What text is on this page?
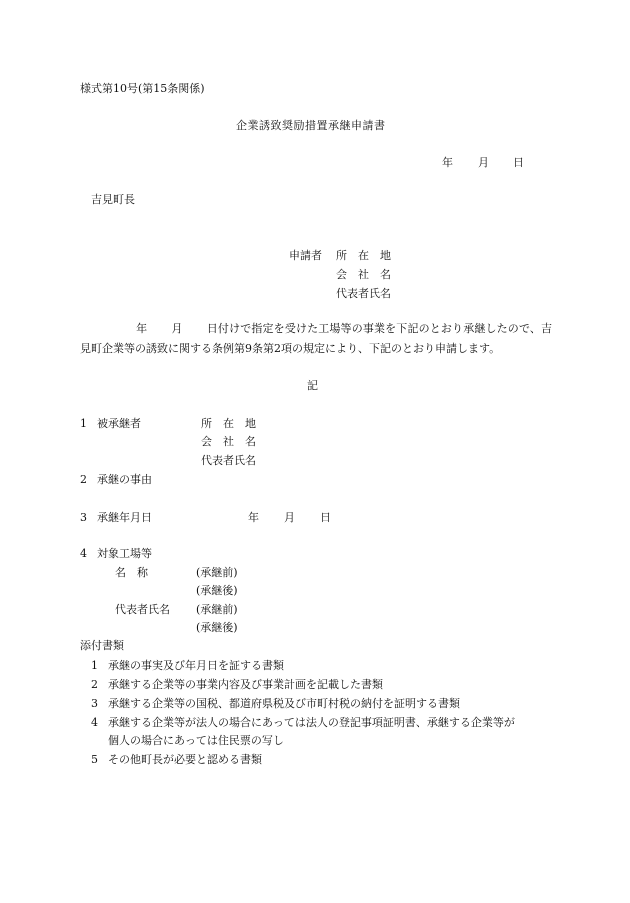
様式第10号(第15条関係)
企業誘致奨励措置承継申請書
年 月 日
吉見町長
申請者 所　在　地
会　社　名
代表者氏名
年 月 日付けで指定を受けた工場等の事業を下記のとおり承継したので、吉見町企業等の誘致に関する条例第9条第2項の規定により、下記のとおり申請します。
記
1 被承継者	所　在　地
会　社　名
代表者氏名
2 承継の事由
3 承継年月日	年 月 日
4 対象工場等
名　称	(承継前)
(承継後)
代表者氏名 (承継前)
(承継後)
添付書類
1 承継の事実及び年月日を証する書類
2 承継する企業等の事業内容及び事業計画を記載した書類
3 承継する企業等の国税、都道府県税及び市町村税の納付を証明する書類
4 承継する企業等が法人の場合にあっては法人の登記事項証明書、承継する企業等が
個人の場合にあっては住民票の写し
5 その他町長が必要と認める書類
